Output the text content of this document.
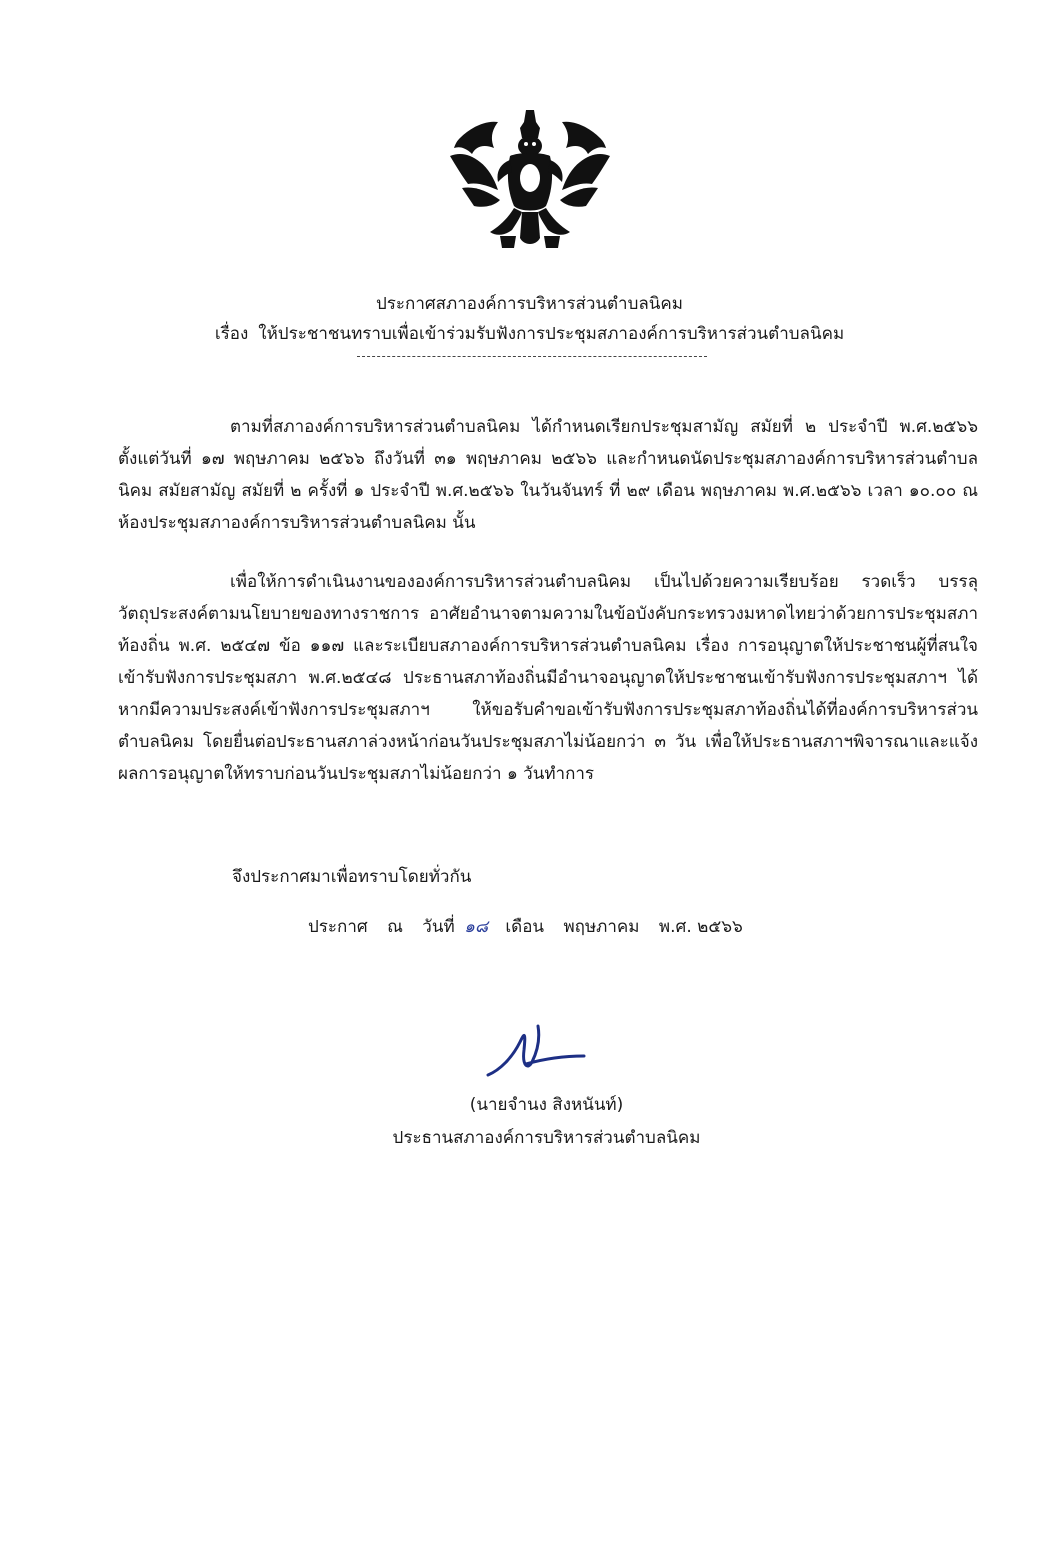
ประกาศสภาองค์การบริหารส่วนตำบลนิคม
เรื่อง ให้ประชาชนทราบเพื่อเข้าร่วมรับฟังการประชุมสภาองค์การบริหารส่วนตำบลนิคม
ตามที่สภาองค์การบริหารส่วนตำบลนิคม ได้กำหนดเรียกประชุมสามัญ สมัยที่ ๒ ประจำปี พ.ศ.๒๕๖๖ ตั้งแต่วันที่ ๑๗ พฤษภาคม ๒๕๖๖ ถึงวันที่ ๓๑ พฤษภาคม ๒๕๖๖ และกำหนดนัดประชุมสภาองค์การบริหารส่วนตำบลนิคม สมัยสามัญ สมัยที่ ๒ ครั้งที่ ๑ ประจำปี พ.ศ.๒๕๖๖ ในวันจันทร์ ที่ ๒๙ เดือน พฤษภาคม พ.ศ.๒๕๖๖ เวลา ๑๐.๐๐ ณ ห้องประชุมสภาองค์การบริหารส่วนตำบลนิคม นั้น
เพื่อให้การดำเนินงานขององค์การบริหารส่วนตำบลนิคม เป็นไปด้วยความเรียบร้อย รวดเร็ว บรรลุวัตถุประสงค์ตามนโยบายของทางราชการ อาศัยอำนาจตามความในข้อบังคับกระทรวงมหาดไทยว่าด้วยการประชุมสภาท้องถิ่น พ.ศ. ๒๕๔๗ ข้อ ๑๑๗ และระเบียบสภาองค์การบริหารส่วนตำบลนิคม เรื่อง การอนุญาตให้ประชาชนผู้ที่สนใจเข้ารับฟังการประชุมสภา พ.ศ.๒๕๔๘ ประธานสภาท้องถิ่นมีอำนาจอนุญาตให้ประชาชนเข้ารับฟังการประชุมสภาฯ ได้ หากมีความประสงค์เข้าฟังการประชุมสภาฯ ให้ขอรับคำขอเข้ารับฟังการประชุมสภาท้องถิ่นได้ที่องค์การบริหารส่วนตำบลนิคม โดยยื่นต่อประธานสภาล่วงหน้าก่อนวันประชุมสภาไม่น้อยกว่า ๓ วัน เพื่อให้ประธานสภาฯพิจารณาและแจ้งผลการอนุญาตให้ทราบก่อนวันประชุมสภาไม่น้อยกว่า ๑ วันทำการ
จึงประกาศมาเพื่อทราบโดยทั่วกัน
ประกาศ ณ วันที่ ๑๘ เดือน พฤษภาคม พ.ศ. ๒๕๖๖
(นายจำนง สิงหนันท์)
ประธานสภาองค์การบริหารส่วนตำบลนิคม
